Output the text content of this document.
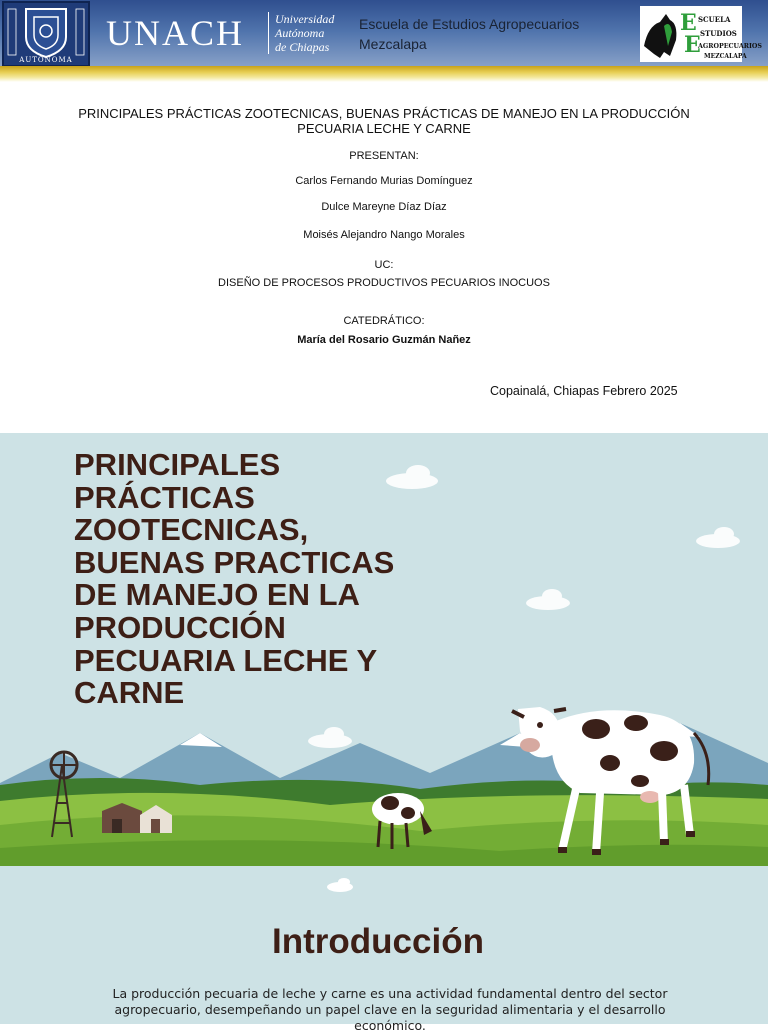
AUTONOMA
UNACH	Universidad
Autónoma
de Chiapas
Escuela de Estudios Agropecuarios
Mezcalapa
E
E
SCUELA
STUDIOS
AGROPECUARIOS
MEZCALAPA
PRINCIPALES PRÁCTICAS ZOOTECNICAS, BUENAS PRÁCTICAS DE MANEJO EN LA PRODUCCIÓN PECUARIA LECHE Y CARNE
PRESENTAN:
Carlos Fernando Murias Domínguez
Dulce Mareyne Díaz Díaz
Moisés Alejandro Nango Morales
UC:
DISEÑO DE PROCESOS PRODUCTIVOS PECUARIOS INOCUOS
CATEDRÁTICO:
María del Rosario Guzmán Nañez
Copainalá, Chiapas Febrero 2025
PRINCIPALES PRÁCTICAS ZOOTECNICAS, BUENAS PRACTICAS DE MANEJO EN LA PRODUCCIÓN PECUARIA LECHE Y CARNE
Introducción
La producción pecuaria de leche y carne es una actividad fundamental dentro del sector agropecuario, desempeñando un papel clave en la seguridad alimentaria y el desarrollo económico.
